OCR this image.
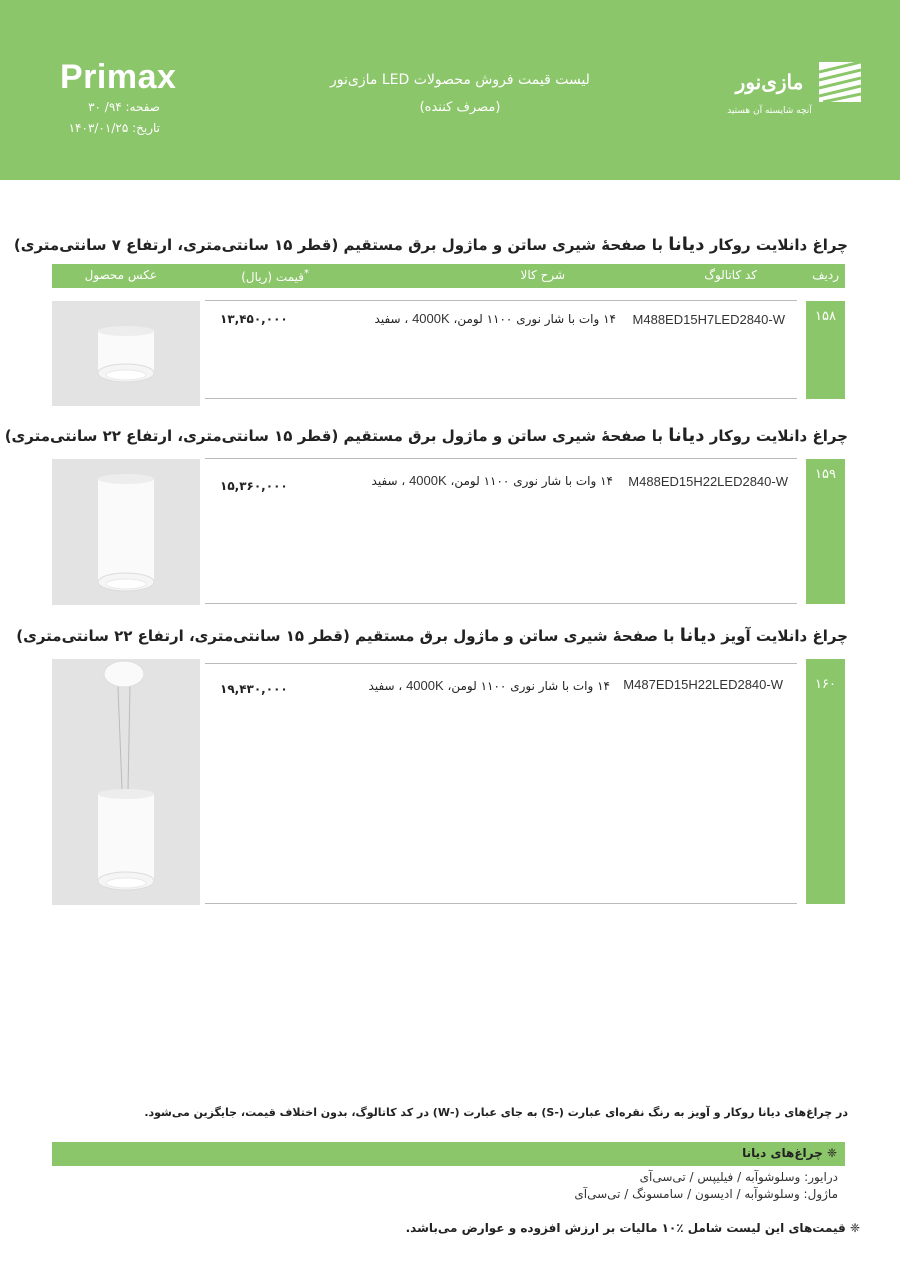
Primax
صفحه: ۹۴/ ۳۰
تاریخ: ۱۴۰۳/۰۱/۲۵
لیست قیمت فروش محصولات LED مازی‌نور
(مصرف کننده)
مازی‌نور
آنچه شایسته آن هستید
چراغ دانلایت روکار دیانا با صفحهٔ شیری ساتن و ماژول برق مستقیم (قطر ۱۵ سانتی‌متری، ارتفاع ۷ سانتی‌متری)
ردیف
کد کاتالوگ
شرح کالا
*قیمت (ریال)
عکس محصول
۱۵۸
M488ED15H7LED2840-W
۱۴ وات با شار نوری ۱۱۰۰ لومن، 4000K ، سفید
۱۳,۴۵۰,۰۰۰
چراغ دانلایت روکار دیانا با صفحهٔ شیری ساتن و ماژول برق مستقیم (قطر ۱۵ سانتی‌متری، ارتفاع ۲۲ سانتی‌متری)
۱۵۹
M488ED15H22LED2840-W
۱۴ وات با شار نوری ۱۱۰۰ لومن، 4000K ، سفید
۱۵,۳۶۰,۰۰۰
چراغ دانلایت آویز دیانا با صفحهٔ شیری ساتن و ماژول برق مستقیم (قطر ۱۵ سانتی‌متری، ارتفاع ۲۲ سانتی‌متری)
۱۶۰
M487ED15H22LED2840-W
۱۴ وات با شار نوری ۱۱۰۰ لومن، 4000K ، سفید
۱۹,۴۳۰,۰۰۰
در چراغ‌های دیانا روکار و آویز به رنگ نقره‌ای عبارت (-S) به جای عبارت (-W) در کد کاتالوگ، بدون اختلاف قیمت، جایگزین می‌شود.
❈ چراغ‌های دیانا
درایور: وسلوشوآبه / فیلیپس / تی‌سی‌آی
ماژول: وسلوشوآبه / ادیسون / سامسونگ / تی‌سی‌آی
❈ قیمت‌های این لیست شامل ٪۱۰ مالیات بر ارزش افزوده و عوارض می‌باشد.
